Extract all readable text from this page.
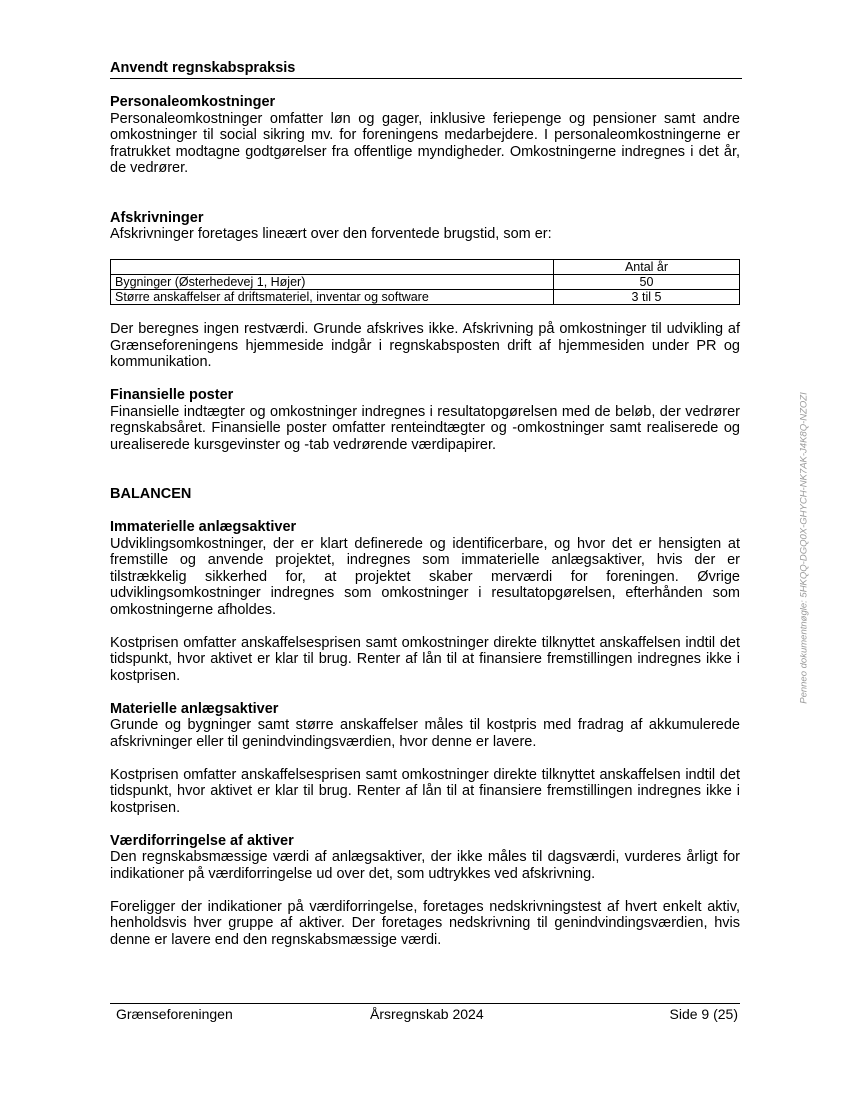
Anvendt regnskabspraksis

Personaleomkostninger

Personaleomkostninger omfatter løn og gager, inklusive feriepenge og pensioner samt andre omkostninger til social sikring mv. for foreningens medarbejdere. I personaleomkostningerne er fratrukket modtagne godtgørelser fra offentlige myndigheder. Omkostningerne indregnes i det år, de vedrører.

Afskrivninger

Afskrivninger foretages lineært over den forventede brugstid, som er:

	Antal år
Bygninger (Østerhedevej 1, Højer)	50
Større anskaffelser af driftsmateriel, inventar og software	3 til 5

Der beregnes ingen restværdi. Grunde afskrives ikke. Afskrivning på omkostninger til udvikling af Grænseforeningens hjemmeside indgår i regnskabsposten drift af hjemmesiden under PR og kommunikation.

Finansielle poster

Finansielle indtægter og omkostninger indregnes i resultatopgørelsen med de beløb, der vedrører regnskabsåret. Finansielle poster omfatter renteindtægter og -omkostninger samt realiserede og urealiserede kursgevinster og -tab vedrørende værdipapirer.

BALANCEN

Immaterielle anlægsaktiver

Udviklingsomkostninger, der er klart definerede og identificerbare, og hvor det er hensigten at fremstille og anvende projektet, indregnes som immaterielle anlægsaktiver, hvis der er tilstrækkelig sikkerhed for, at projektet skaber merværdi for foreningen. Øvrige udviklingsomkostninger indregnes som omkostninger i resultatopgørelsen, efterhånden som omkostningerne afholdes.

Kostprisen omfatter anskaffelsesprisen samt omkostninger direkte tilknyttet anskaffelsen indtil det tidspunkt, hvor aktivet er klar til brug. Renter af lån til at finansiere fremstillingen indregnes ikke i kostprisen.

Materielle anlægsaktiver

Grunde og bygninger samt større anskaffelser måles til kostpris med fradrag af akkumulerede afskrivninger eller til genindvindingsværdien, hvor denne er lavere.

Kostprisen omfatter anskaffelsesprisen samt omkostninger direkte tilknyttet anskaffelsen indtil det tidspunkt, hvor aktivet er klar til brug. Renter af lån til at finansiere fremstillingen indregnes ikke i kostprisen.

Værdiforringelse af aktiver

Den regnskabsmæssige værdi af anlægsaktiver, der ikke måles til dagsværdi, vurderes årligt for indikationer på værdiforringelse ud over det, som udtrykkes ved afskrivning.

Foreligger der indikationer på værdiforringelse, foretages nedskrivningstest af hvert enkelt aktiv, henholdsvis hver gruppe af aktiver. Der foretages nedskrivning til genindvindingsværdien, hvis denne er lavere end den regnskabsmæssige værdi.

Penneo dokumentnøgle: 5HKQQ-DGQ0X-GHYCH-NK7AK-J4K8Q-NZOZI
Grænseforeningen	Årsregnskab 2024	Side 9 (25)
